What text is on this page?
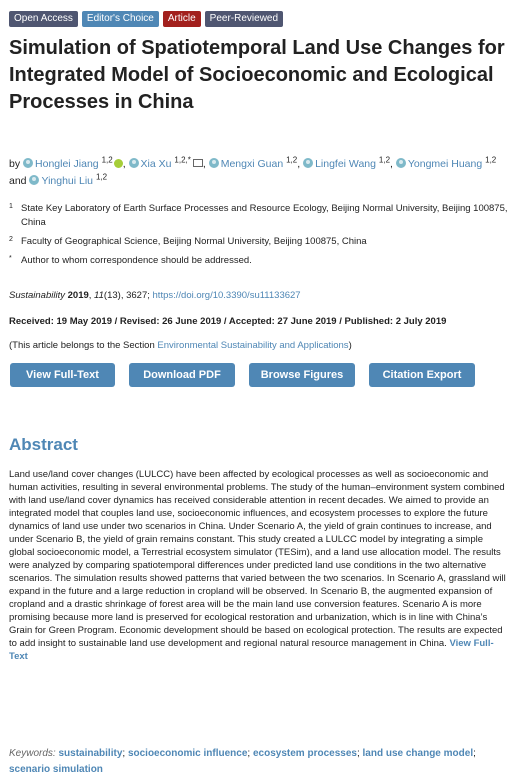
Open Access	Editor's Choice	Article	Peer-Reviewed
Simulation of Spatiotemporal Land Use Changes for Integrated Model of Socioeconomic and Ecological Processes in China
by Honglei Jiang $^{1,2}$ , Xia Xu $^{1,2,*}$ , Mengxi Guan $^{1,2}$, Lingfei Wang $^{1,2}$, Yongmei Huang $^{1,2}$ and Yinghui Liu $^{1,2}$
1 State Key Laboratory of Earth Surface Processes and Resource Ecology, Beijing Normal University, Beijing 100875, China
2 Faculty of Geographical Science, Beijing Normal University, Beijing 100875, China
* Author to whom correspondence should be addressed.
Sustainability 2019, 11(13), 3627; https://doi.org/10.3390/su11133627
Received: 19 May 2019 / Revised: 26 June 2019 / Accepted: 27 June 2019 / Published: 2 July 2019
(This article belongs to the Section Environmental Sustainability and Applications)
View Full-Text	Download PDF	Browse Figures	Citation Export
Abstract

Land use/land cover changes (LULCC) have been affected by ecological processes as well as socioeconomic and human activities, resulting in several environmental problems. The study of the human–environment system combined with land use/land cover dynamics has received considerable attention in recent decades. We aimed to provide an integrated model that couples land use, socioeconomic influences, and ecosystem processes to explore the future dynamics of land use under two scenarios in China. Under Scenario A, the yield of grain continues to increase, and under Scenario B, the yield of grain remains constant. This study created a LULCC model by integrating a simple global socioeconomic model, a Terrestrial ecosystem simulator (TESim), and a land use allocation model. The results were analyzed by comparing spatiotemporal differences under predicted land use conditions in the two alternative scenarios. The simulation results showed patterns that varied between the two scenarios. In Scenario A, grassland will expand in the future and a large reduction in cropland will be observed. In Scenario B, the augmented expansion of cropland and a drastic shrinkage of forest area will be the main land use conversion features. Scenario A is more promising because more land is preserved for ecological restoration and urbanization, which is in line with China’s Grain for Green Program. Economic development should be based on ecological protection. The results are expected to add insight to sustainable land use development and regional natural resource management in China. View Full-Text

Keywords: sustainability; socioeconomic influence; ecosystem processes; land use change model; scenario simulation
